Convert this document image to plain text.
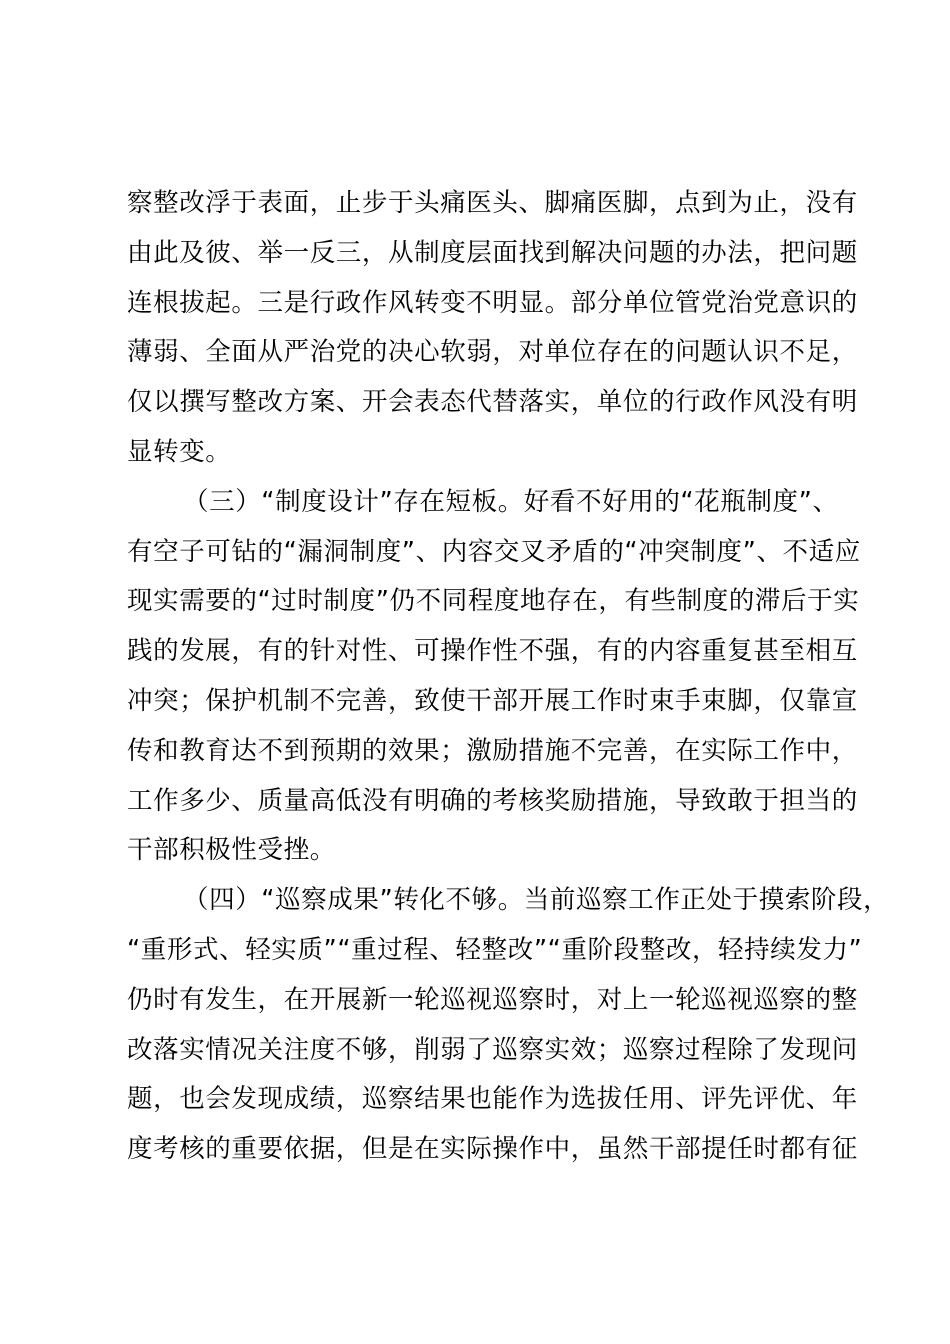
察整改浮于表面，止步于头痛医头、脚痛医脚，点到为止，没有
由此及彼、举一反三，从制度层面找到解决问题的办法，把问题
连根拔起。三是行政作风转变不明显。部分单位管党治党意识的
薄弱、全面从严治党的决心软弱，对单位存在的问题认识不足，
仅以撰写整改方案、开会表态代替落实，单位的行政作风没有明
显转变。
（三）“制度设计”存在短板。好看不好用的“花瓶制度”、
有空子可钻的“漏洞制度”、内容交叉矛盾的“冲突制度”、不适应
现实需要的“过时制度”仍不同程度地存在，有些制度的滞后于实
践的发展，有的针对性、可操作性不强，有的内容重复甚至相互
冲突；保护机制不完善，致使干部开展工作时束手束脚，仅靠宣
传和教育达不到预期的效果；激励措施不完善，在实际工作中，
工作多少、质量高低没有明确的考核奖励措施，导致敢于担当的
干部积极性受挫。
（四）“巡察成果”转化不够。当前巡察工作正处于摸索阶段，
“重形式、轻实质”“重过程、轻整改”“重阶段整改，轻持续发力”
仍时有发生，在开展新一轮巡视巡察时，对上一轮巡视巡察的整
改落实情况关注度不够，削弱了巡察实效；巡察过程除了发现问
题，也会发现成绩，巡察结果也能作为选拔任用、评先评优、年
度考核的重要依据，但是在实际操作中，虽然干部提任时都有征
